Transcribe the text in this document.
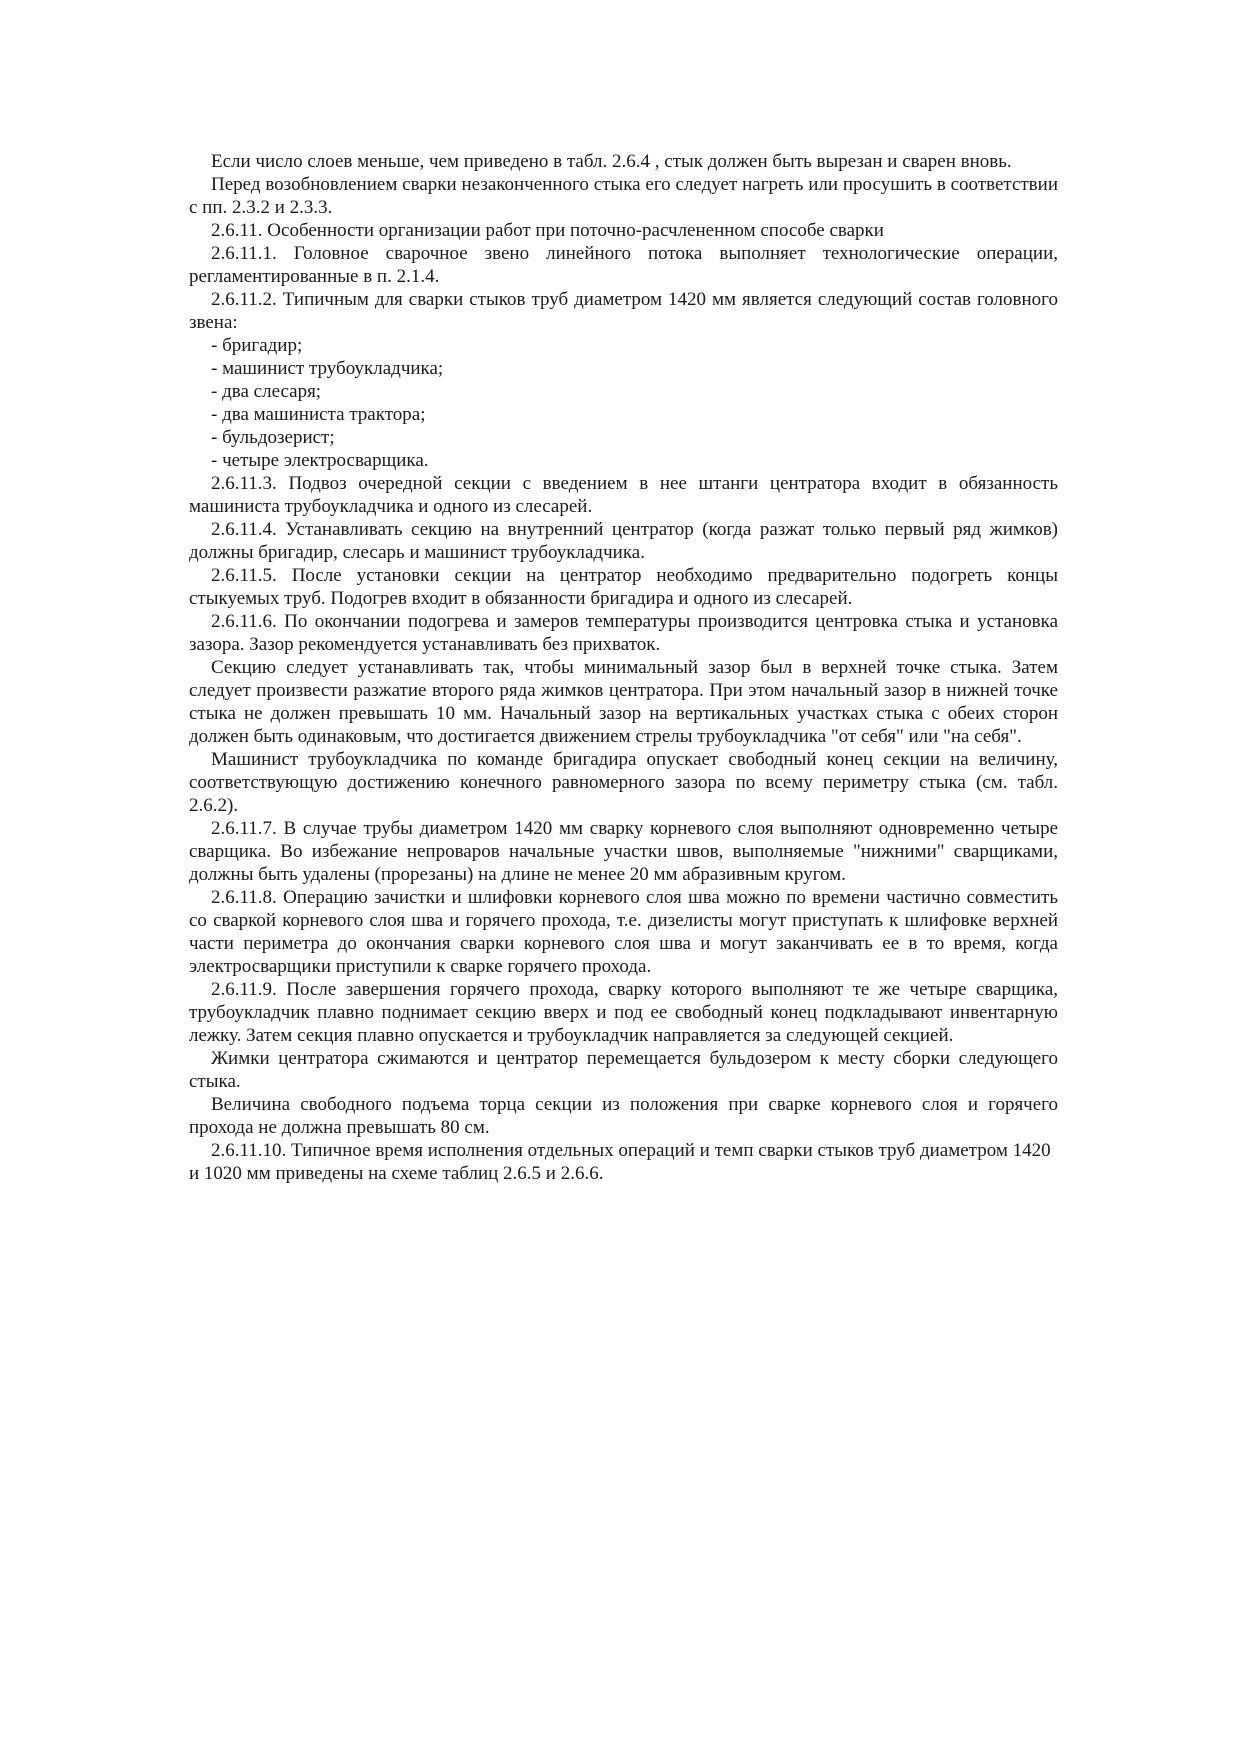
Если число слоев меньше, чем приведено в табл. 2.6.4 , стык должен быть вырезан и сварен вновь.

Перед возобновлением сварки незаконченного стыка его следует нагреть или просушить в соответствии с пп. 2.3.2 и 2.3.3.

2.6.11. Особенности организации работ при поточно-расчлененном способе сварки

2.6.11.1. Головное сварочное звено линейного потока выполняет технологические операции, регламентированные в п. 2.1.4.

2.6.11.2. Типичным для сварки стыков труб диаметром 1420 мм является следующий состав головного звена:

- бригадир;

- машинист трубоукладчика;

- два слесаря;

- два машиниста трактора;

- бульдозерист;

- четыре электросварщика.

2.6.11.3. Подвоз очередной секции с введением в нее штанги центратора входит в обязанность машиниста трубоукладчика и одного из слесарей.

2.6.11.4. Устанавливать секцию на внутренний центратор (когда разжат только первый ряд жимков) должны бригадир, слесарь и машинист трубоукладчика.

2.6.11.5. После установки секции на центратор необходимо предварительно подогреть концы стыкуемых труб. Подогрев входит в обязанности бригадира и одного из слесарей.

2.6.11.6. По окончании подогрева и замеров температуры производится центровка стыка и установка зазора. Зазор рекомендуется устанавливать без прихваток.

Секцию следует устанавливать так, чтобы минимальный зазор был в верхней точке стыка. Затем следует произвести разжатие второго ряда жимков центратора. При этом начальный зазор в нижней точке стыка не должен превышать 10 мм. Начальный зазор на вертикальных участках стыка с обеих сторон должен быть одинаковым, что достигается движением стрелы трубоукладчика "от себя" или "на себя".

Машинист трубоукладчика по команде бригадира опускает свободный конец секции на величину, соответствующую достижению конечного равномерного зазора по всему периметру стыка (см. табл. 2.6.2).

2.6.11.7. В случае трубы диаметром 1420 мм сварку корневого слоя выполняют одновременно четыре сварщика. Во избежание непроваров начальные участки швов, выполняемые "нижними" сварщиками, должны быть удалены (прорезаны) на длине не менее 20 мм абразивным кругом.

2.6.11.8. Операцию зачистки и шлифовки корневого слоя шва можно по времени частично совместить со сваркой корневого слоя шва и горячего прохода, т.е. дизелисты могут приступать к шлифовке верхней части периметра до окончания сварки корневого слоя шва и могут заканчивать ее в то время, когда электросварщики приступили к сварке горячего прохода.

2.6.11.9. После завершения горячего прохода, сварку которого выполняют те же четыре сварщика, трубоукладчик плавно поднимает секцию вверх и под ее свободный конец подкладывают инвентарную лежку. Затем секция плавно опускается и трубоукладчик направляется за следующей секцией.

Жимки центратора сжимаются и центратор перемещается бульдозером к месту сборки следующего стыка.

Величина свободного подъема торца секции из положения при сварке корневого слоя и горячего прохода не должна превышать 80 см.

2.6.11.10. Типичное время исполнения отдельных операций и темп сварки стыков труб диаметром 1420 и 1020 мм приведены на схеме таблиц 2.6.5 и 2.6.6.
